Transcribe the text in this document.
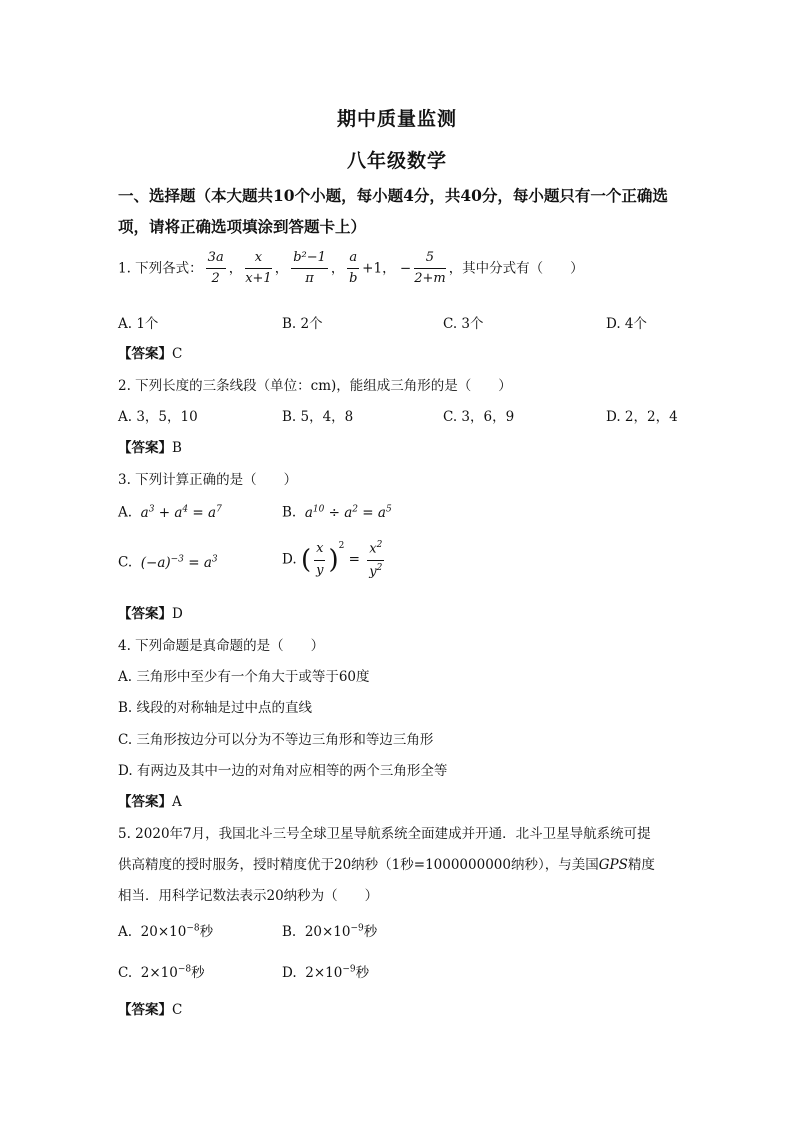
期中质量监测
八年级数学
一、选择题（本大题共10个小题，每小题4分，共40分，每小题只有一个正确选项，请将正确选项填涂到答题卡上）
1. 下列各式： $\frac{3a}{2}$ ， $\frac{x}{x+1}$ ， $\frac{\text{b²−1}}{\pi}$ ， $\frac{a}{b} +1$， − $\frac{5}{2+m}$ ，其中分式有（　　）
A. 1个	B. 2个	C. 3个	D. 4个
【答案】C
2. 下列长度的三条线段（单位：cm)，能组成三角形的是（　　）
A. 3，5，10	B. 5，4，8	C. 3，6，9	D. 2，2，4
【答案】B
3. 下列计算正确的是（　　）
A. $a^3 + a^4 = a^7$	B. $a^{10} \div a^2 = a^5$
C. $(-a)^{-3} = a^3$	D. ( $\frac{x}{y} )^2 = \frac{x^2}{y^2}$
【答案】D
4. 下列命题是真命题的是（　　）
A. 三角形中至少有一个角大于或等于60度
B. 线段的对称轴是过中点的直线
C. 三角形按边分可以分为不等边三角形和等边三角形
D. 有两边及其中一边的对角对应相等的两个三角形全等
【答案】A
5. 2020年7月，我国北斗三号全球卫星导航系统全面建成并开通．北斗卫星导航系统可提
供高精度的授时服务，授时精度优于20纳秒（1秒=1000000000纳秒），与美国GPS精度
相当．用科学记数法表示20纳秒为（　　）
A. $20\times 10^{-8}$秒	B. $20\times 10^{-9}$秒
C. $2\times 10^{-8}$秒	D. $2\times 10^{-9}$秒
【答案】C
